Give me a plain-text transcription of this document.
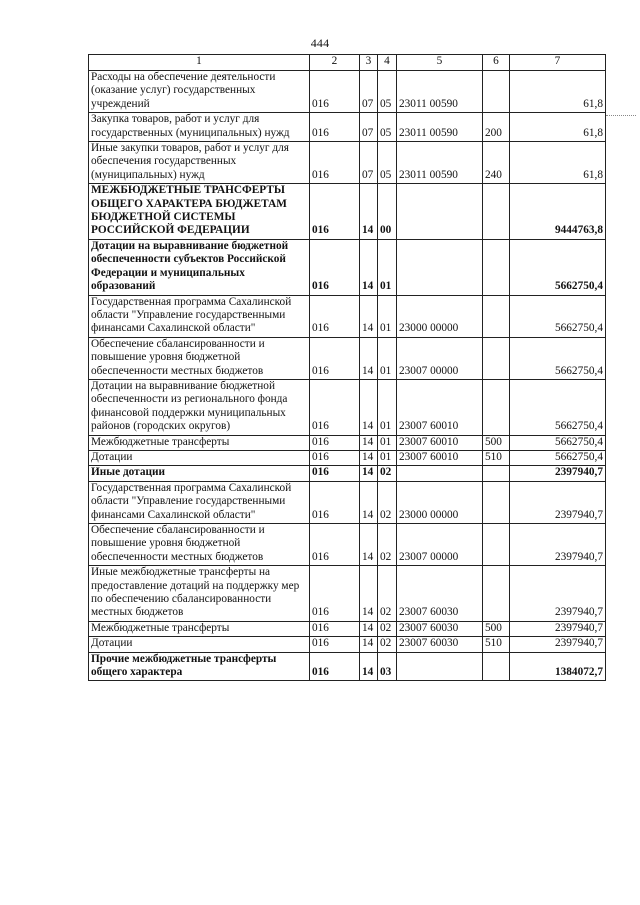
444
1	2	3	4	5	6	7
Расходы на обеспечение деятельности (оказание услуг) государственных учреждений	016	07	05	23011 00590		61,8
Закупка товаров, работ и услуг для государственных (муниципальных) нужд	016	07	05	23011 00590	200	61,8
Иные закупки товаров, работ и услуг для обеспечения государственных (муниципальных) нужд	016	07	05	23011 00590	240	61,8
МЕЖБЮДЖЕТНЫЕ ТРАНСФЕРТЫ ОБЩЕГО ХАРАКТЕРА БЮДЖЕТАМ БЮДЖЕТНОЙ СИСТЕМЫ РОССИЙСКОЙ ФЕДЕРАЦИИ	016	14	00			9444763,8
Дотации на выравнивание бюджетной обеспеченности субъектов Российской Федерации и муниципальных образований	016	14	01			5662750,4
Государственная программа Сахалинской области "Управление государственными финансами Сахалинской области"	016	14	01	23000 00000		5662750,4
Обеспечение сбалансированности и повышение уровня бюджетной обеспеченности местных бюджетов	016	14	01	23007 00000		5662750,4
Дотации на выравнивание бюджетной обеспеченности из регионального фонда финансовой поддержки муниципальных районов (городских округов)	016	14	01	23007 60010		5662750,4
Межбюджетные трансферты	016	14	01	23007 60010	500	5662750,4
Дотации	016	14	01	23007 60010	510	5662750,4
Иные дотации	016	14	02			2397940,7
Государственная программа Сахалинской области "Управление государственными финансами Сахалинской области"	016	14	02	23000 00000		2397940,7
Обеспечение сбалансированности и повышение уровня бюджетной обеспеченности местных бюджетов	016	14	02	23007 00000		2397940,7
Иные межбюджетные трансферты на предоставление дотаций на поддержку мер по обеспечению сбалансированности местных бюджетов	016	14	02	23007 60030		2397940,7
Межбюджетные трансферты	016	14	02	23007 60030	500	2397940,7
Дотации	016	14	02	23007 60030	510	2397940,7
Прочие межбюджетные трансферты общего характера	016	14	03			1384072,7
